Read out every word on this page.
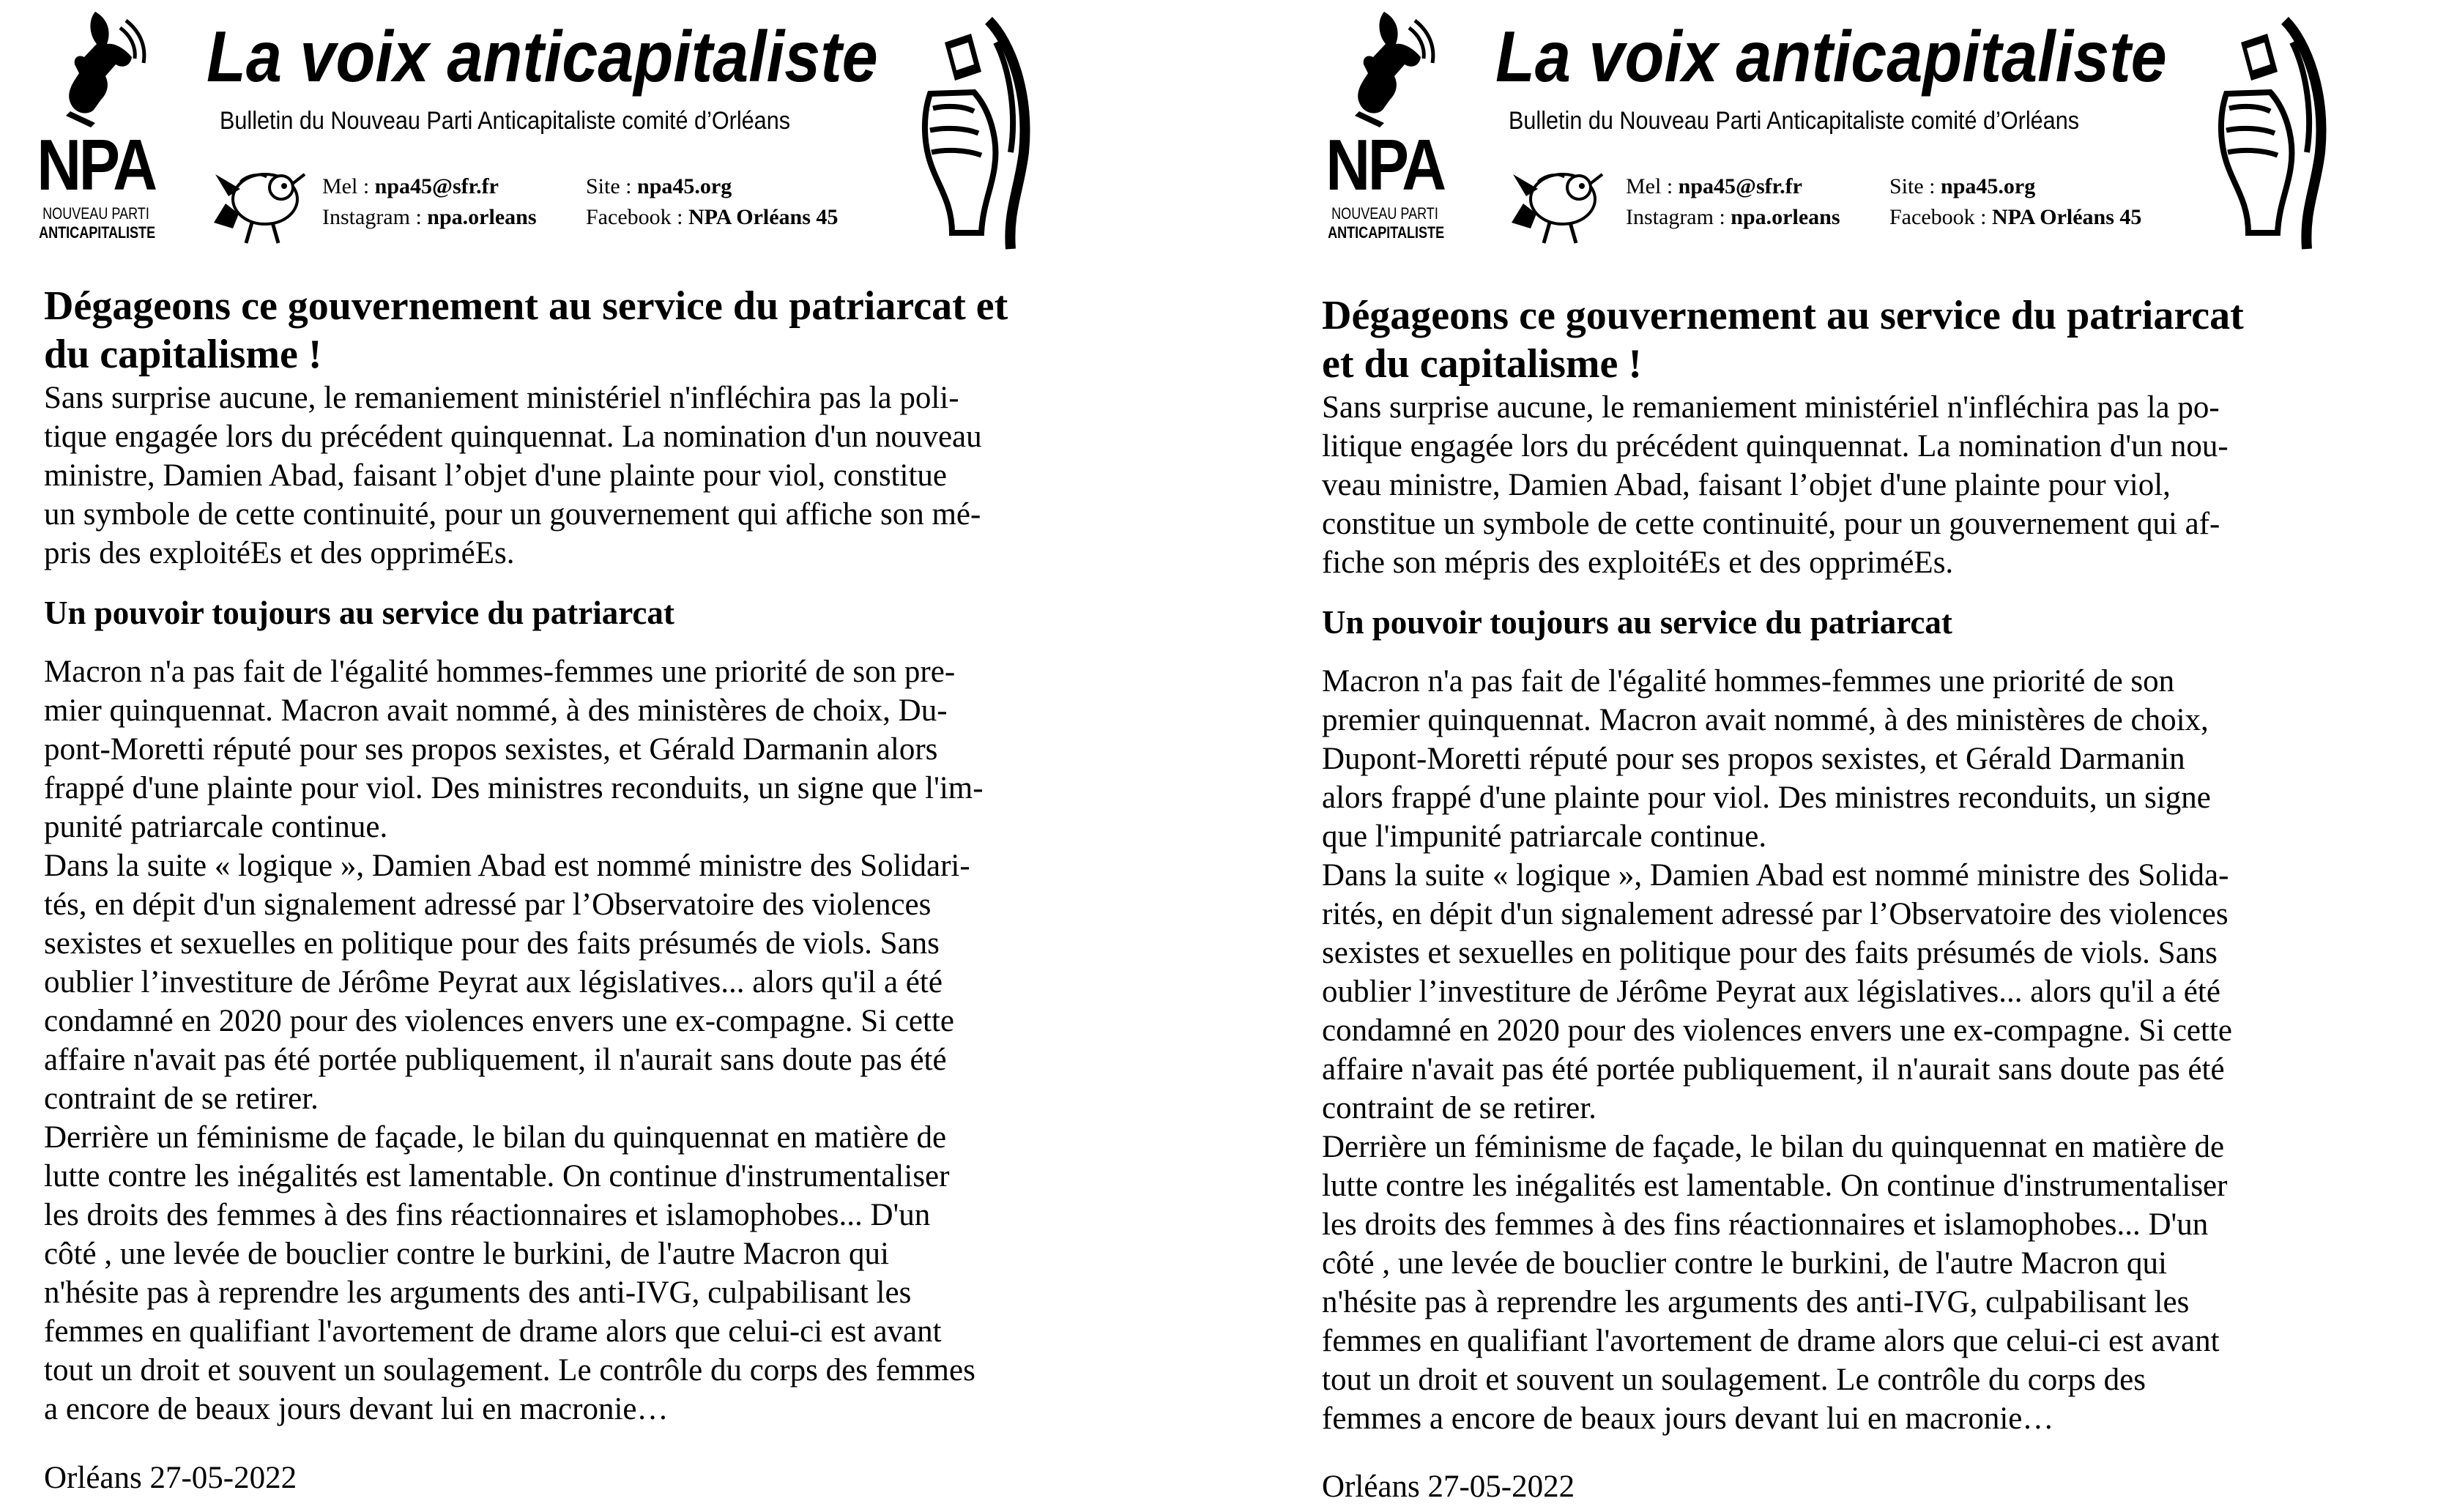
NPA
NOUVEAU PARTI
ANTICAPITALISTE
La voix anticapitaliste
Bulletin du Nouveau Parti Anticapitaliste comité d’Orléans
Mel : npa45@sfr.fr
Instagram : npa.orleans
Site : npa45.org
Facebook : NPA Orléans 45
Dégageons ce gouvernement au service du patriarcat et
du capitalisme !

Sans surprise aucune, le remaniement ministériel n'infléchira pas la poli-
tique engagée lors du précédent quinquennat. La nomination d'un nouveau
ministre, Damien Abad, faisant l’objet d'une plainte pour viol, constitue
un symbole de cette continuité, pour un gouvernement qui affiche son mé-
pris des exploitéEs et des oppriméEs.

Un pouvoir toujours au service du patriarcat

Macron n'a pas fait de l'égalité hommes-femmes une priorité de son pre-
mier quinquennat. Macron avait nommé, à des ministères de choix, Du-
pont-Moretti réputé pour ses propos sexistes, et Gérald Darmanin alors
frappé d'une plainte pour viol. Des ministres reconduits, un signe que l'im-
punité patriarcale continue.
Dans la suite « logique », Damien Abad est nommé ministre des Solidari-
tés, en dépit d'un signalement adressé par l’Observatoire des violences
sexistes et sexuelles en politique pour des faits présumés de viols. Sans
oublier l’investiture de Jérôme Peyrat aux législatives... alors qu'il a été
condamné en 2020 pour des violences envers une ex-compagne. Si cette
affaire n'avait pas été portée publiquement, il n'aurait sans doute pas été
contraint de se retirer.
Derrière un féminisme de façade, le bilan du quinquennat en matière de
lutte contre les inégalités est lamentable. On continue d'instrumentaliser
les droits des femmes à des fins réactionnaires et islamophobes... D'un
côté , une levée de bouclier contre le burkini, de l'autre Macron qui
n'hésite pas à reprendre les arguments des anti-IVG, culpabilisant les
femmes en qualifiant l'avortement de drame alors que celui-ci est avant
tout un droit et souvent un soulagement. Le contrôle du corps des femmes
a encore de beaux jours devant lui en macronie…

Orléans 27-05-2022
NPA
NOUVEAU PARTI
ANTICAPITALISTE
La voix anticapitaliste
Bulletin du Nouveau Parti Anticapitaliste comité d’Orléans
Mel : npa45@sfr.fr
Instagram : npa.orleans
Site : npa45.org
Facebook : NPA Orléans 45
Dégageons ce gouvernement au service du patriarcat
et du capitalisme !

Sans surprise aucune, le remaniement ministériel n'infléchira pas la po-
litique engagée lors du précédent quinquennat. La nomination d'un nou-
veau ministre, Damien Abad, faisant l’objet d'une plainte pour viol,
constitue un symbole de cette continuité, pour un gouvernement qui af-
fiche son mépris des exploitéEs et des oppriméEs.

Un pouvoir toujours au service du patriarcat

Macron n'a pas fait de l'égalité hommes-femmes une priorité de son
premier quinquennat. Macron avait nommé, à des ministères de choix,
Dupont-Moretti réputé pour ses propos sexistes, et Gérald Darmanin
alors frappé d'une plainte pour viol. Des ministres reconduits, un signe
que l'impunité patriarcale continue.
Dans la suite « logique », Damien Abad est nommé ministre des Solida-
rités, en dépit d'un signalement adressé par l’Observatoire des violences
sexistes et sexuelles en politique pour des faits présumés de viols. Sans
oublier l’investiture de Jérôme Peyrat aux législatives... alors qu'il a été
condamné en 2020 pour des violences envers une ex-compagne. Si cette
affaire n'avait pas été portée publiquement, il n'aurait sans doute pas été
contraint de se retirer.
Derrière un féminisme de façade, le bilan du quinquennat en matière de
lutte contre les inégalités est lamentable. On continue d'instrumentaliser
les droits des femmes à des fins réactionnaires et islamophobes... D'un
côté , une levée de bouclier contre le burkini, de l'autre Macron qui
n'hésite pas à reprendre les arguments des anti-IVG, culpabilisant les
femmes en qualifiant l'avortement de drame alors que celui-ci est avant
tout un droit et souvent un soulagement. Le contrôle du corps des
femmes a encore de beaux jours devant lui en macronie…

Orléans 27-05-2022
